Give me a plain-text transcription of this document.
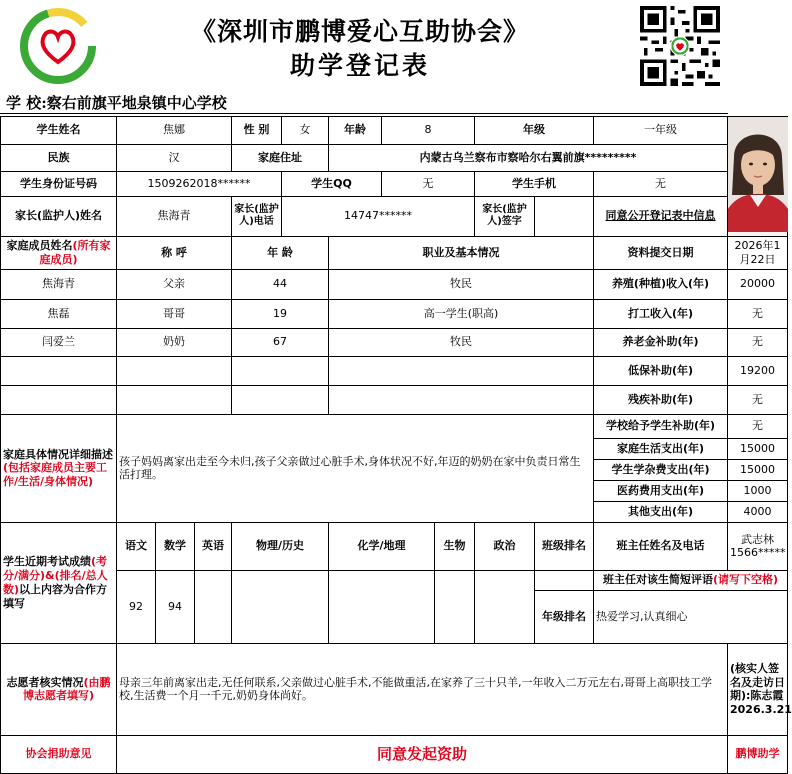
《深圳市鹏博爱心互助协会》
助学登记表
学 校:察右前旗平地泉镇中心学校
学生姓名	焦娜			性 别	女	年龄	8		年级		一年级	
民族	汉			家庭住址		内蒙古乌兰察布市察哈尔右翼前旗*********						
学生身份证号码	1509262018******				学生QQ		无		学生手机		无	
家长(监护人)姓名	焦海青			家长(监护人)电话	14747******				家长(监护人)签字		同意公开登记表中信息	
家庭成员姓名(所有家庭成员)	称 呼			年 龄		职业及基本情况					资料提交日期	2026年1月22日
焦海青	父亲			44		牧民					养殖(种植)收入(年)	20000
焦磊	哥哥			19		高一学生(职高)					打工收入(年)	无
闫爱兰	奶奶			67		牧民					养老金补助(年)	无
											低保补助(年)	19200
											残疾补助(年)	无
家庭具体情况详细描述(包括家庭成员主要工作/生活/身体情况)	孩子妈妈离家出走至今未归,孩子父亲做过心脏手术,身体状况不好,年迈的奶奶在家中负责日常生活打理。										学校给予学生补助(年)	无
											家庭生活支出(年)	15000
											学生学杂费支出(年)	15000
											医药费用支出(年)	1000
											其他支出(年)	4000
学生近期考试成绩(考分/满分)&(排名/总人数)以上内容为合作方填写	语文	数学	英语	物理/历史		化学/地理		生物	政治	班级排名	班主任姓名及电话	武志林
1566*****

	92	94									班主任对该生简短评语(请写下空格)	
										年级排名	热爱学习,认真细心	
志愿者核实情况(由鹏博志愿者填写)	母亲三年前离家出走,无任何联系,父亲做过心脏手术,不能做重活,在家养了三十只羊,一年收入二万元左右,哥哥上高职技工学校,生活费一个月一千元,奶奶身体尚好。											(核实人签名及走访日期):陈志霞
2026.3.21

协会捐助意见	同意发起资助											鹏博助学
